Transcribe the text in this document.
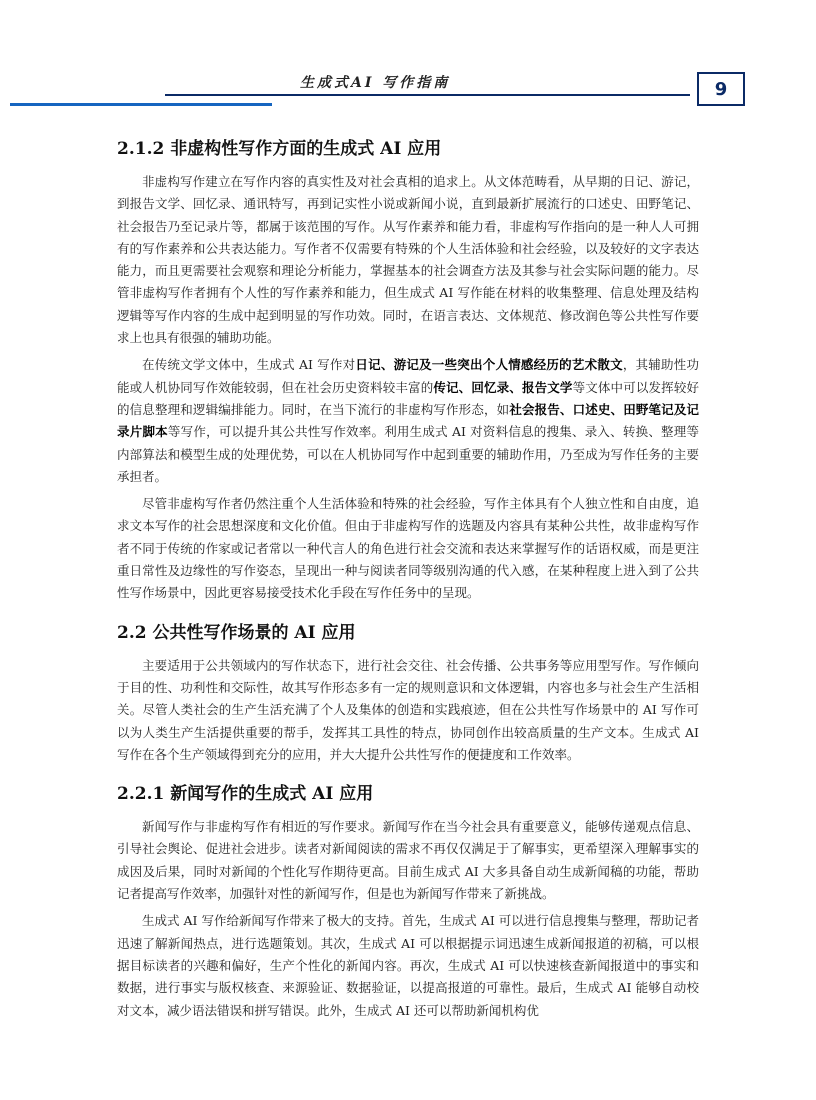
生成式AI 写作指南	9
2.1.2 非虚构性写作方面的生成式 AI 应用

非虚构写作建立在写作内容的真实性及对社会真相的追求上。从文体范畴看，从早期的日记、游记，到报告文学、回忆录、通讯特写，再到记实性小说或新闻小说，直到最新扩展流行的口述史、田野笔记、社会报告乃至记录片等，都属于该范围的写作。从写作素养和能力看，非虚构写作指向的是一种人人可拥有的写作素养和公共表达能力。写作者不仅需要有特殊的个人生活体验和社会经验，以及较好的文字表达能力，而且更需要社会观察和理论分析能力，掌握基本的社会调查方法及其参与社会实际问题的能力。尽管非虚构写作者拥有个人性的写作素养和能力，但生成式 AI 写作能在材料的收集整理、信息处理及结构逻辑等写作内容的生成中起到明显的写作功效。同时，在语言表达、文体规范、修改润色等公共性写作要求上也具有很强的辅助功能。

在传统文学文体中，生成式 AI 写作对日记、游记及一些突出个人情感经历的艺术散文，其辅助性功能或人机协同写作效能较弱，但在社会历史资料较丰富的传记、回忆录、报告文学等文体中可以发挥较好的信息整理和逻辑编排能力。同时，在当下流行的非虚构写作形态，如社会报告、口述史、田野笔记及记录片脚本等写作，可以提升其公共性写作效率。利用生成式 AI 对资料信息的搜集、录入、转换、整理等内部算法和模型生成的处理优势，可以在人机协同写作中起到重要的辅助作用，乃至成为写作任务的主要承担者。

尽管非虚构写作者仍然注重个人生活体验和特殊的社会经验，写作主体具有个人独立性和自由度，追求文本写作的社会思想深度和文化价值。但由于非虚构写作的选题及内容具有某种公共性，故非虚构写作者不同于传统的作家或记者常以一种代言人的角色进行社会交流和表达来掌握写作的话语权威，而是更注重日常性及边缘性的写作姿态，呈现出一种与阅读者同等级别沟通的代入感，在某种程度上进入到了公共性写作场景中，因此更容易接受技术化手段在写作任务中的呈现。

2.2 公共性写作场景的 AI 应用

主要适用于公共领域内的写作状态下，进行社会交往、社会传播、公共事务等应用型写作。写作倾向于目的性、功利性和交际性，故其写作形态多有一定的规则意识和文体逻辑，内容也多与社会生产生活相关。尽管人类社会的生产生活充满了个人及集体的创造和实践痕迹，但在公共性写作场景中的 AI 写作可以为人类生产生活提供重要的帮手，发挥其工具性的特点，协同创作出较高质量的生产文本。生成式 AI 写作在各个生产领域得到充分的应用，并大大提升公共性写作的便捷度和工作效率。

2.2.1 新闻写作的生成式 AI 应用

新闻写作与非虚构写作有相近的写作要求。新闻写作在当今社会具有重要意义，能够传递观点信息、引导社会舆论、促进社会进步。读者对新闻阅读的需求不再仅仅满足于了解事实，更希望深入理解事实的成因及后果，同时对新闻的个性化写作期待更高。目前生成式 AI 大多具备自动生成新闻稿的功能，帮助记者提高写作效率，加强针对性的新闻写作，但是也为新闻写作带来了新挑战。

生成式 AI 写作给新闻写作带来了极大的支持。首先，生成式 AI 可以进行信息搜集与整理，帮助记者迅速了解新闻热点，进行选题策划。其次，生成式 AI 可以根据提示词迅速生成新闻报道的初稿，可以根据目标读者的兴趣和偏好，生产个性化的新闻内容。再次，生成式 AI 可以快速核查新闻报道中的事实和数据，进行事实与版权核查、来源验证、数据验证，以提高报道的可靠性。最后，生成式 AI 能够自动校对文本，减少语法错误和拼写错误。此外，生成式 AI 还可以帮助新闻机构优
